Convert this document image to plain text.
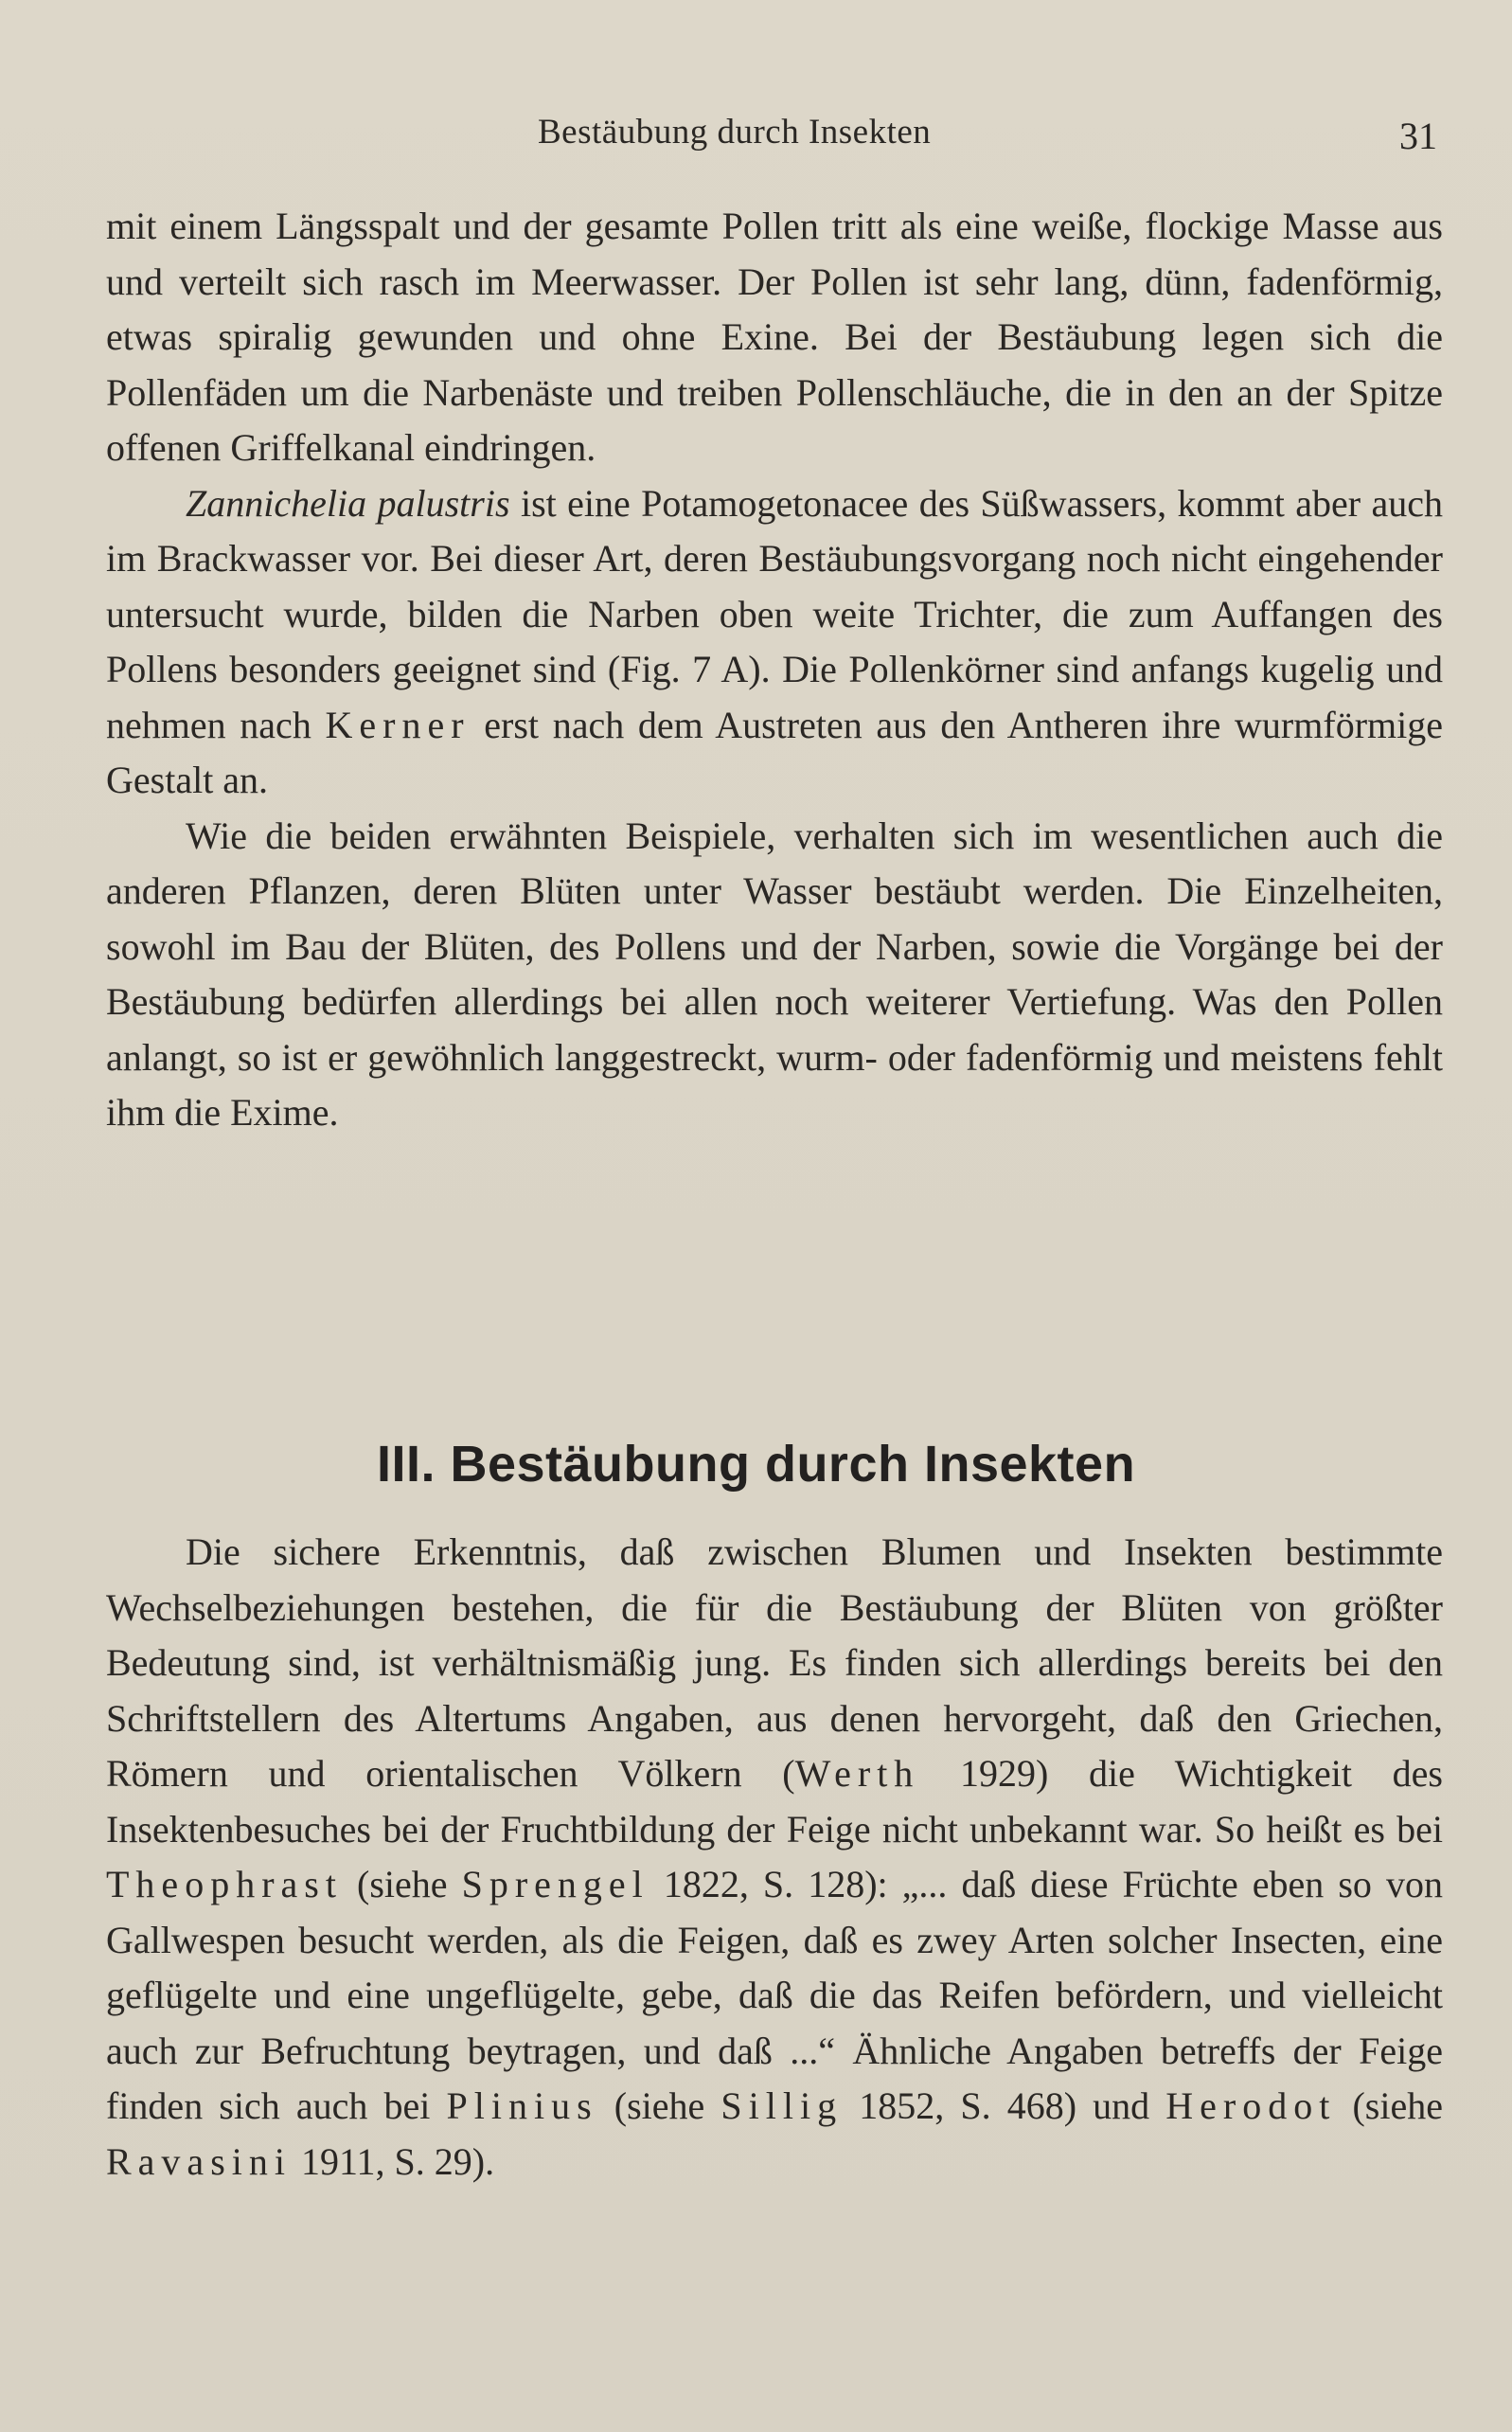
Bestäubung durch Insekten	31

mit einem Längsspalt und der gesamte Pollen tritt als eine weiße, flockige Masse aus und verteilt sich rasch im Meerwasser. Der Pollen ist sehr lang, dünn, fadenförmig, etwas spiralig gewunden und ohne Exine. Bei der Bestäubung legen sich die Pollenfäden um die Narbenäste und treiben Pollenschläuche, die in den an der Spitze offenen Griffelkanal eindringen.

Zannichelia palustris ist eine Potamogetonacee des Süßwassers, kommt aber auch im Brackwasser vor. Bei dieser Art, deren Bestäubungsvorgang noch nicht eingehender untersucht wurde, bilden die Narben oben weite Trichter, die zum Auffangen des Pollens besonders geeignet sind (Fig. 7 A). Die Pollenkörner sind anfangs kugelig und nehmen nach Kerner erst nach dem Austreten aus den Antheren ihre wurmförmige Gestalt an.

Wie die beiden erwähnten Beispiele, verhalten sich im wesentlichen auch die anderen Pflanzen, deren Blüten unter Wasser bestäubt werden. Die Einzelheiten, sowohl im Bau der Blüten, des Pollens und der Narben, sowie die Vorgänge bei der Bestäubung bedürfen allerdings bei allen noch weiterer Vertiefung. Was den Pollen anlangt, so ist er gewöhnlich langgestreckt, wurm- oder fadenförmig und meistens fehlt ihm die Exime.

III. Bestäubung durch Insekten

Die sichere Erkenntnis, daß zwischen Blumen und Insekten bestimmte Wechselbeziehungen bestehen, die für die Bestäubung der Blüten von größter Bedeutung sind, ist verhältnismäßig jung. Es finden sich allerdings bereits bei den Schriftstellern des Altertums Angaben, aus denen hervorgeht, daß den Griechen, Römern und orientalischen Völkern (Werth 1929) die Wichtigkeit des Insektenbesuches bei der Fruchtbildung der Feige nicht unbekannt war. So heißt es bei Theophrast (siehe Sprengel 1822, S. 128): „... daß diese Früchte eben so von Gallwespen besucht werden, als die Feigen, daß es zwey Arten solcher Insecten, eine geflügelte und eine ungeflügelte, gebe, daß die das Reifen befördern, und vielleicht auch zur Befruchtung beytragen, und daß ...“ Ähnliche Angaben betreffs der Feige finden sich auch bei Plinius (siehe Sillig 1852, S. 468) und Herodot (siehe Ravasini 1911, S. 29).
